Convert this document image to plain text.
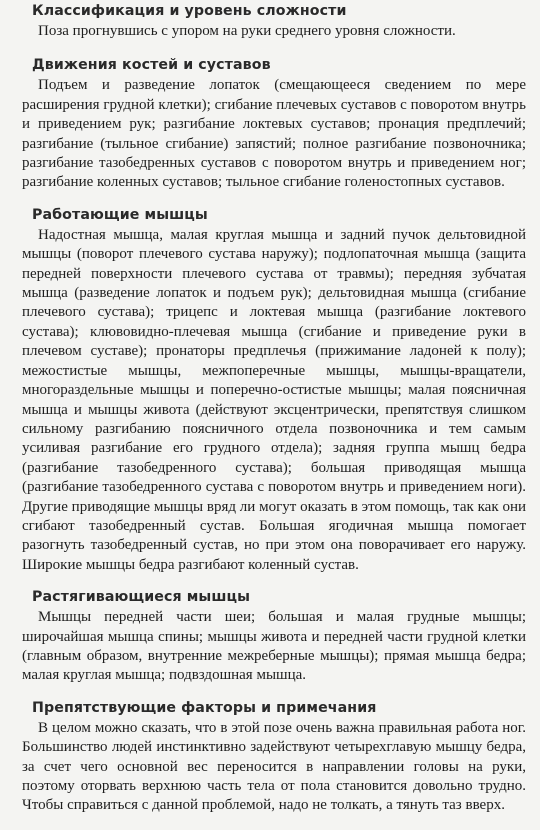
Классификация и уровень сложности

Поза прогнувшись с упором на руки среднего уровня сложности.

Движения костей и суставов

Подъем и разведение лопаток (смещающееся сведением по мере расширения грудной клетки); сгибание плечевых суставов с поворотом внутрь и приведением рук; разгибание локтевых суставов; пронация предплечий; разгибание (тыльное сгибание) запястий; полное разгибание позвоночника; разгибание тазобедренных суставов с поворотом внутрь и приведением ног; разгибание коленных суставов; тыльное сгибание голеностопных суставов.

Работающие мышцы

Надостная мышца, малая круглая мышца и задний пучок дельтовидной мышцы (поворот плечевого сустава наружу); подлопаточная мышца (защита передней поверхности плечевого сустава от травмы); передняя зубчатая мышца (разведение лопаток и подъем рук); дельтовидная мышца (сгибание плечевого сустава); трицепс и локтевая мышца (разгибание локтевого сустава); клювовидно-плечевая мышца (сгибание и приведение руки в плечевом суставе); пронаторы предплечья (прижимание ладоней к полу); межостистые мышцы, межпоперечные мышцы, мышцы-вращатели, многораздельные мышцы и поперечно-остистые мышцы; малая поясничная мышца и мышцы живота (действуют эксцентрически, препятствуя слишком сильному разгибанию поясничного отдела позвоночника и тем самым усиливая разгибание его грудного отдела); задняя группа мышц бедра (разгибание тазобедренного сустава); большая приводящая мышца (разгибание тазобедренного сустава с поворотом внутрь и приведением ноги). Другие приводящие мышцы вряд ли могут оказать в этом помощь, так как они сгибают тазобедренный сустав. Большая ягодичная мышца помогает разогнуть тазобедренный сустав, но при этом она поворачивает его наружу. Широкие мышцы бедра разгибают коленный сустав.

Растягивающиеся мышцы

Мышцы передней части шеи; большая и малая грудные мышцы; широчайшая мышца спины; мышцы живота и передней части грудной клетки (главным образом, внутренние межреберные мышцы); прямая мышца бедра; малая круглая мышца; подвздошная мышца.

Препятствующие факторы и примечания

В целом можно сказать, что в этой позе очень важна правильная работа ног. Большинство людей инстинктивно задействуют четырехглавую мышцу бедра, за счет чего основной вес переносится в направлении головы на руки, поэтому оторвать верхнюю часть тела от пола становится довольно трудно. Чтобы справиться с данной проблемой, надо не толкать, а тянуть таз вверх.
